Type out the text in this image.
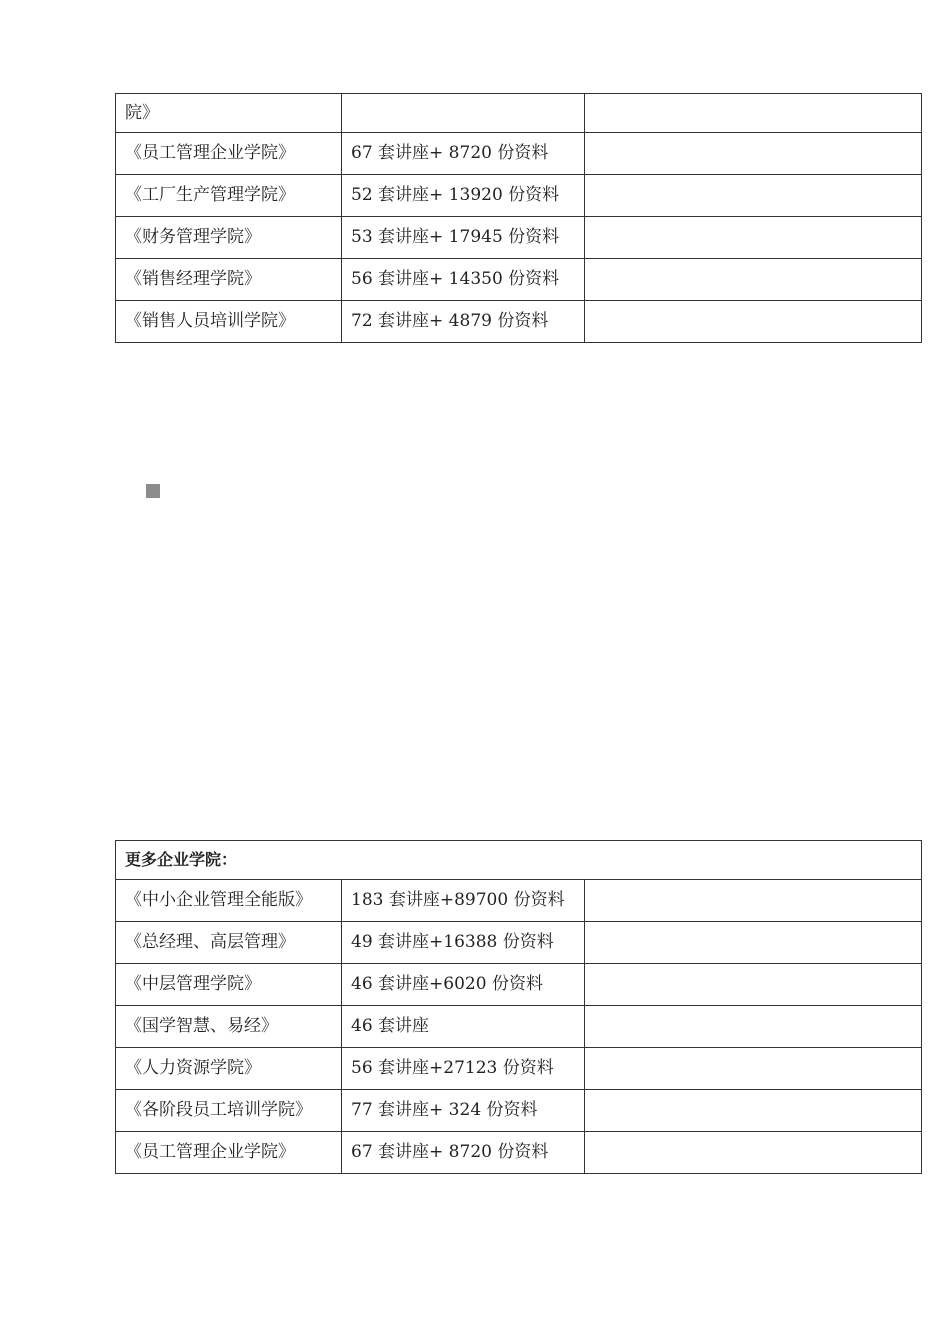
院》		
《员工管理企业学院》	67 套讲座+ 8720 份资料	
《工厂生产管理学院》	52 套讲座+ 13920 份资料	
《财务管理学院》	53 套讲座+ 17945 份资料	
《销售经理学院》	56 套讲座+ 14350 份资料	
《销售人员培训学院》	72 套讲座+ 4879 份资料	
更多企业学院：		
《中小企业管理全能版》	183 套讲座+89700 份资料	
《总经理、高层管理》	49 套讲座+16388 份资料	
《中层管理学院》	46 套讲座+6020 份资料	
《国学智慧、易经》	46 套讲座	
《人力资源学院》	56 套讲座+27123 份资料	
《各阶段员工培训学院》	77 套讲座+ 324 份资料	
《员工管理企业学院》	67 套讲座+ 8720 份资料	
